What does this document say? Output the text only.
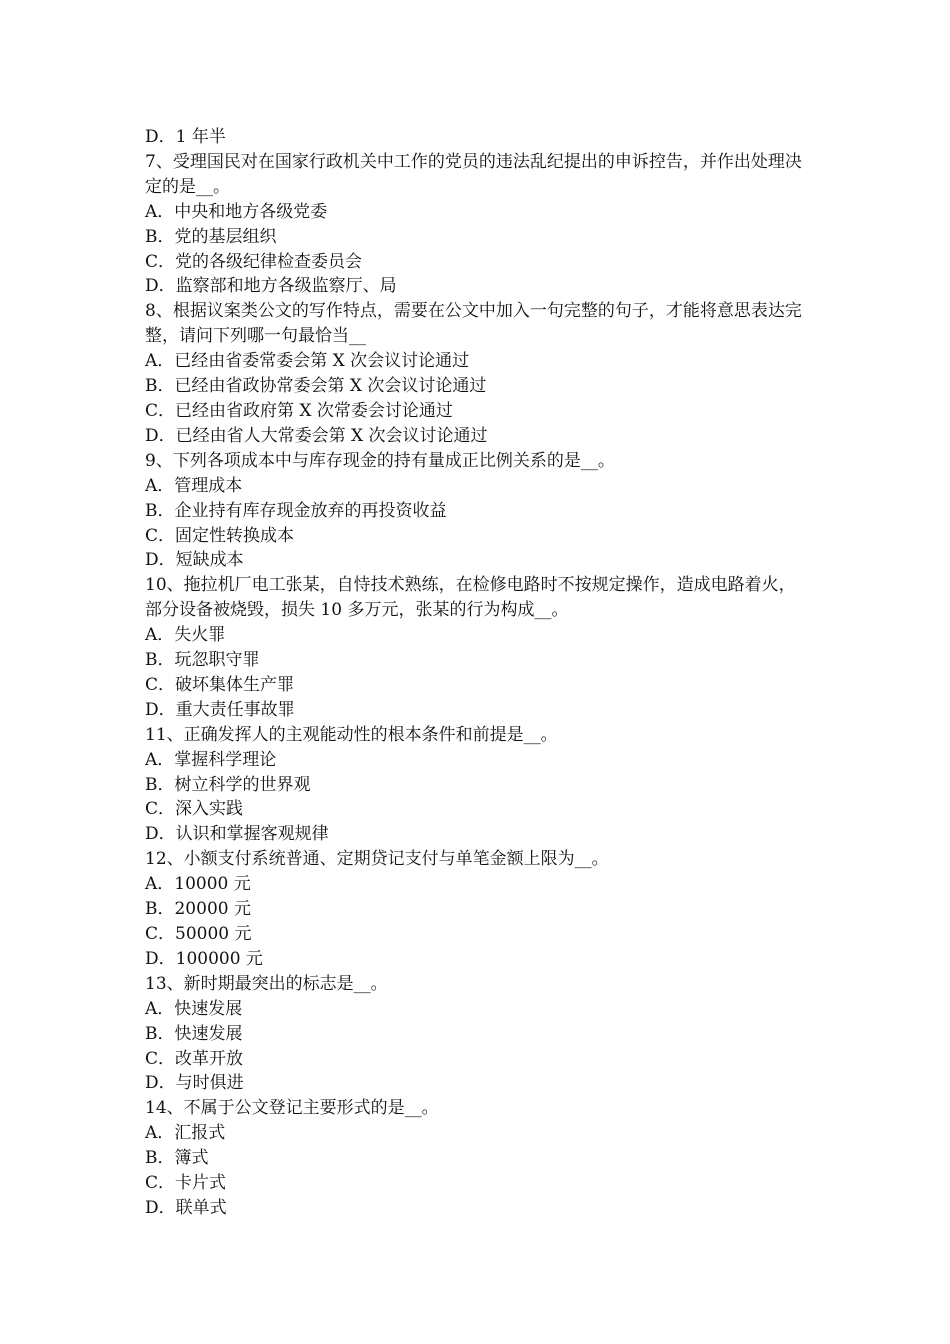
D．1 年半

7、受理国民对在国家行政机关中工作的党员的违法乱纪提出的申诉控告，并作出处理决定的是__。

A．中央和地方各级党委

B．党的基层组织

C．党的各级纪律检查委员会

D．监察部和地方各级监察厅、局

8、根据议案类公文的写作特点，需要在公文中加入一句完整的句子，才能将意思表达完整，请问下列哪一句最恰当__

A．已经由省委常委会第 X 次会议讨论通过

B．已经由省政协常委会第 X 次会议讨论通过

C．已经由省政府第 X 次常委会讨论通过

D．已经由省人大常委会第 X 次会议讨论通过

9、下列各项成本中与库存现金的持有量成正比例关系的是__。

A．管理成本

B．企业持有库存现金放弃的再投资收益

C．固定性转换成本

D．短缺成本

10、拖拉机厂电工张某，自恃技术熟练，在检修电路时不按规定操作，造成电路着火，部分设备被烧毁，损失 10 多万元，张某的行为构成__。

A．失火罪

B．玩忽职守罪

C．破坏集体生产罪

D．重大责任事故罪

11、正确发挥人的主观能动性的根本条件和前提是__。

A．掌握科学理论

B．树立科学的世界观

C．深入实践

D．认识和掌握客观规律

12、小额支付系统普通、定期贷记支付与单笔金额上限为__。

A．10000 元

B．20000 元

C．50000 元

D．100000 元

13、新时期最突出的标志是__。

A．快速发展

B．快速发展

C．改革开放

D．与时俱进

14、不属于公文登记主要形式的是__。

A．汇报式

B．簿式

C．卡片式

D．联单式
